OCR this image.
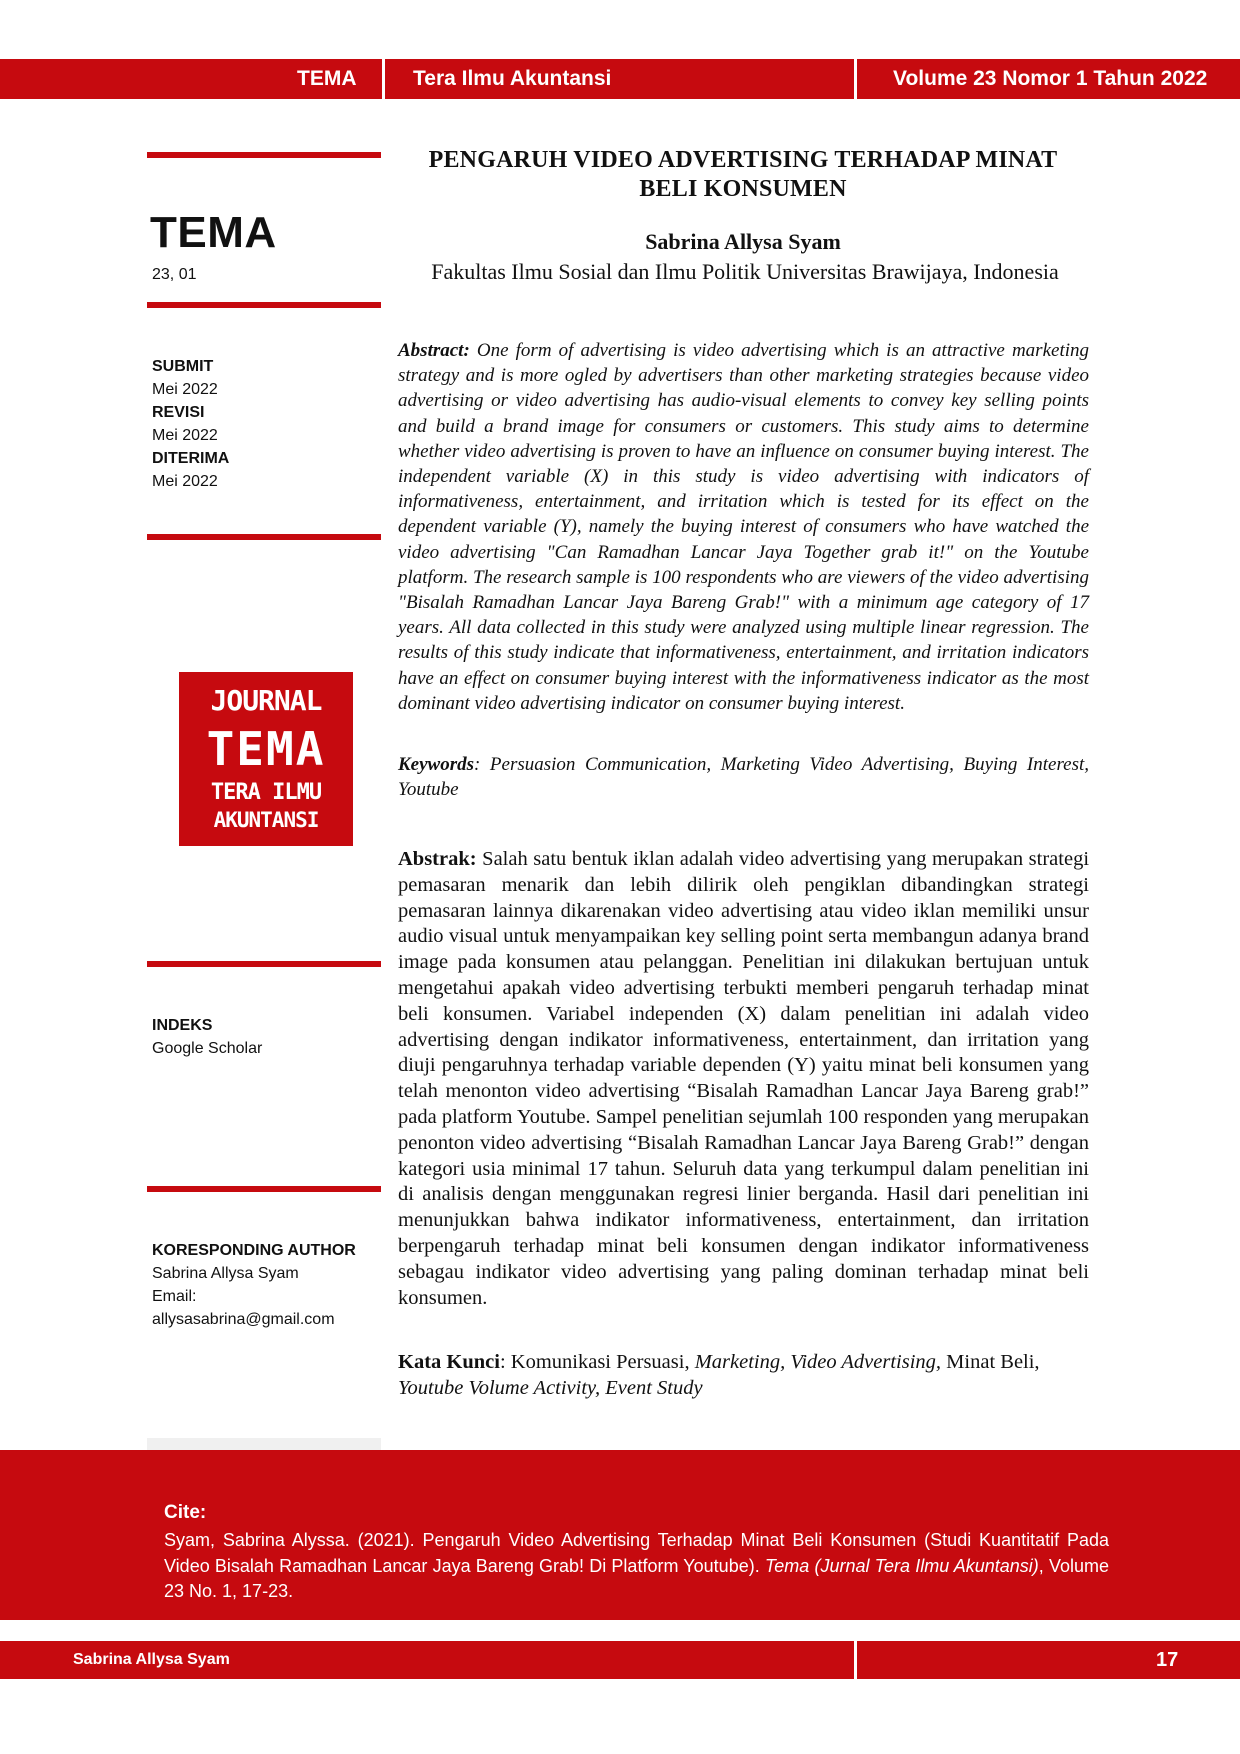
TEMA	Tera Ilmu Akuntansi	Volume 23 Nomor 1 Tahun 2022
TEMA
23, 01
SUBMIT
Mei 2022
REVISI
Mei 2022
DITERIMA
Mei 2022
JOURNAL
TEMA
TERA ILMU
AKUNTANSI
INDEKS
Google Scholar
KORESPONDING AUTHOR
Sabrina Allysa Syam
Email:
allysasabrina@gmail.com
PENGARUH VIDEO ADVERTISING TERHADAP MINAT BELI KONSUMEN
Sabrina Allysa Syam
Fakultas Ilmu Sosial dan Ilmu Politik Universitas Brawijaya, Indonesia
Abstract: One form of advertising is video advertising which is an attractive marketing strategy and is more ogled by advertisers than other marketing strategies because video advertising or video advertising has audio-visual elements to convey key selling points and build a brand image for consumers or customers. This study aims to determine whether video advertising is proven to have an influence on consumer buying interest. The independent variable (X) in this study is video advertising with indicators of informativeness, entertainment, and irritation which is tested for its effect on the dependent variable (Y), namely the buying interest of consumers who have watched the video advertising "Can Ramadhan Lancar Jaya Together grab it!" on the Youtube platform. The research sample is 100 respondents who are viewers of the video advertising "Bisalah Ramadhan Lancar Jaya Bareng Grab!" with a minimum age category of 17 years. All data collected in this study were analyzed using multiple linear regression. The results of this study indicate that informativeness, entertainment, and irritation indicators have an effect on consumer buying interest with the informativeness indicator as the most dominant video advertising indicator on consumer buying interest.
Keywords: Persuasion Communication, Marketing Video Advertising, Buying Interest, Youtube
Abstrak: Salah satu bentuk iklan adalah video advertising yang merupakan strategi pemasaran menarik dan lebih dilirik oleh pengiklan dibandingkan strategi pemasaran lainnya dikarenakan video advertising atau video iklan memiliki unsur audio visual untuk menyampaikan key selling point serta membangun adanya brand image pada konsumen atau pelanggan. Penelitian ini dilakukan bertujuan untuk mengetahui apakah video advertising terbukti memberi pengaruh terhadap minat beli konsumen. Variabel independen (X) dalam penelitian ini adalah video advertising dengan indikator informativeness, entertainment, dan irritation yang diuji pengaruhnya terhadap variable dependen (Y) yaitu minat beli konsumen yang telah menonton video advertising “Bisalah Ramadhan Lancar Jaya Bareng grab!” pada platform Youtube. Sampel penelitian sejumlah 100 responden yang merupakan penonton video advertising “Bisalah Ramadhan Lancar Jaya Bareng Grab!” dengan kategori usia minimal 17 tahun. Seluruh data yang terkumpul dalam penelitian ini di analisis dengan menggunakan regresi linier berganda. Hasil dari penelitian ini menunjukkan bahwa indikator informativeness, entertainment, dan irritation berpengaruh terhadap minat beli konsumen dengan indikator informativeness sebagau indikator video advertising yang paling dominan terhadap minat beli konsumen.
Kata Kunci: Komunikasi Persuasi, Marketing, Video Advertising, Minat Beli, Youtube Volume Activity, Event Study
Cite:
Syam, Sabrina Alyssa. (2021). Pengaruh Video Advertising Terhadap Minat Beli Konsumen (Studi Kuantitatif Pada Video Bisalah Ramadhan Lancar Jaya Bareng Grab! Di Platform Youtube). Tema (Jurnal Tera Ilmu Akuntansi), Volume 23 No. 1, 17-23.
Sabrina Allysa Syam	17
